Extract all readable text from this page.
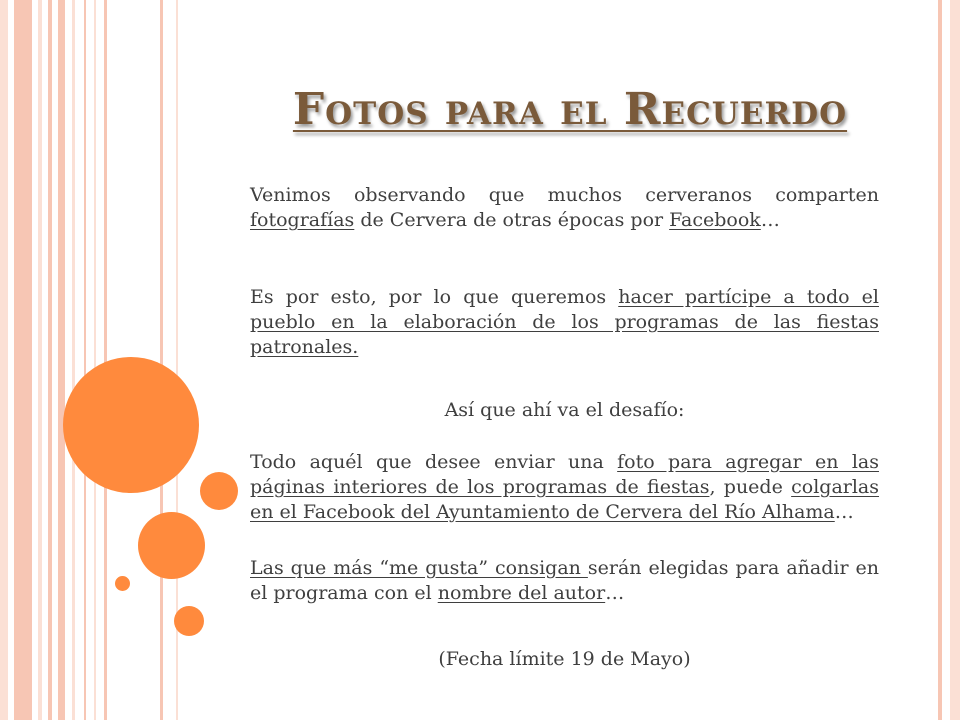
Fotos para el Recuerdo

Venimos observando que muchos cerveranos comparten fotografías de Cervera de otras épocas por Facebook…

Es por esto, por lo que queremos hacer partícipe a todo el pueblo en la elaboración de los programas de las fiestas patronales.

Así que ahí va el desafío:

Todo aquél que desee enviar una foto para agregar en las páginas interiores de los programas de fiestas, puede colgarlas en el Facebook del Ayuntamiento de Cervera del Río Alhama…

Las que más “me gusta” consigan serán elegidas para añadir en el programa con el nombre del autor…

(Fecha límite 19 de Mayo)
